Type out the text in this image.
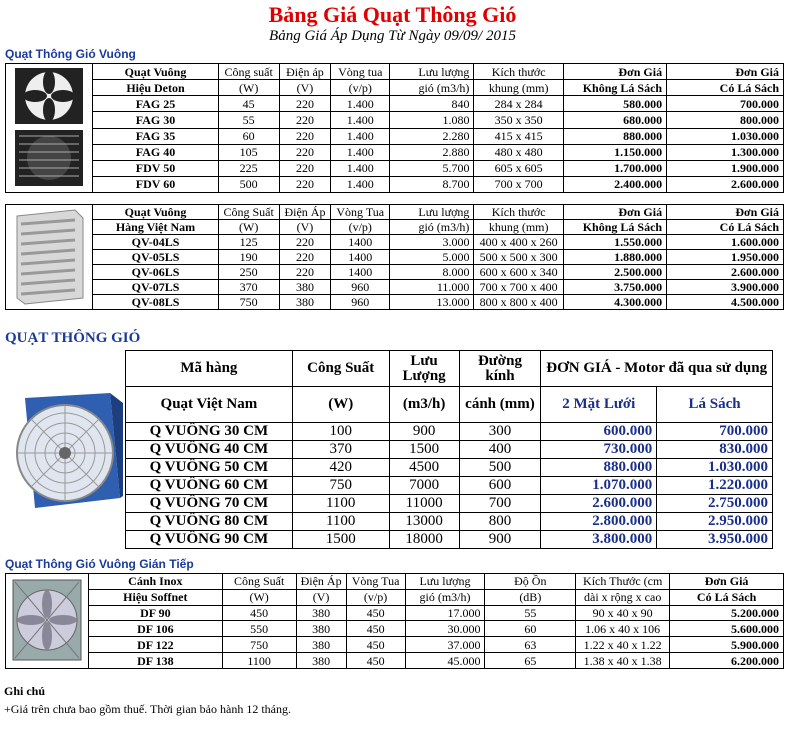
Bảng Giá Quạt Thông Gió
Bảng Giá Áp Dụng Từ Ngày 09/09/ 2015
Quạt Thông Gió Vuông
	Quạt Vuông	Công suất	Điện áp	Vòng tua	Lưu lượng	Kích thước	Đơn Giá	Đơn Giá
	Hiệu Deton	(W)	(V)	(v/p)	gió (m3/h)	khung (mm)	Không Lá Sách	Có Lá Sách
	FAG 25	45	220	1.400	840	284 x 284	580.000	700.000
	FAG 30	55	220	1.400	1.080	350 x 350	680.000	800.000
	FAG 35	60	220	1.400	2.280	415 x 415	880.000	1.030.000
	FAG 40	105	220	1.400	2.880	480 x 480	1.150.000	1.300.000
	FDV 50	225	220	1.400	5.700	605 x 605	1.700.000	1.900.000
	FDV 60	500	220	1.400	8.700	700 x 700	2.400.000	2.600.000
	Quạt Vuông	Công Suất	Điện Áp	Vòng Tua	Lưu lượng	Kích thước	Đơn Giá	Đơn Giá
	Hàng Việt Nam	(W)	(V)	(v/p)	gió (m3/h)	khung (mm)	Không Lá Sách	Có Lá Sách
	QV-04LS	125	220	1400	3.000	400 x 400 x 260	1.550.000	1.600.000
	QV-05LS	190	220	1400	5.000	500 x 500 x 300	1.880.000	1.950.000
	QV-06LS	250	220	1400	8.000	600 x 600 x 340	2.500.000	2.600.000
	QV-07LS	370	380	960	11.000	700 x 700 x 400	3.750.000	3.900.000
	QV-08LS	750	380	960	13.000	800 x 800 x 400	4.300.000	4.500.000
QUẠT THÔNG GIÓ
Mã hàng	Công Suất	Lưu Lượng	Đường kính	ĐƠN GIÁ - Motor đã qua sử dụng	
Quạt Việt Nam	(W)	(m3/h)	cánh (mm)	2 Mặt Lưới	Lá Sách
Q VUÔNG 30 CM	100	900	300	600.000	700.000
Q VUÔNG 40 CM	370	1500	400	730.000	830.000
Q VUÔNG 50 CM	420	4500	500	880.000	1.030.000
Q VUÔNG 60 CM	750	7000	600	1.070.000	1.220.000
Q VUÔNG 70 CM	1100	11000	700	2.600.000	2.750.000
Q VUÔNG 80 CM	1100	13000	800	2.800.000	2.950.000
Q VUÔNG 90 CM	1500	18000	900	3.800.000	3.950.000
Quạt Thông Gió Vuông Gián Tiếp
	Cánh Inox	Công Suất	Điện Áp	Vòng Tua	Lưu lượng	Độ Ồn	Kích Thước (cm	Đơn Giá
	Hiệu Soffnet	(W)	(V)	(v/p)	gió (m3/h)	(dB)	dài x rộng x cao	Có Lá Sách
	DF 90	450	380	450	17.000	55	90 x 40 x 90	5.200.000
	DF 106	550	380	450	30.000	60	1.06 x 40 x 106	5.600.000
	DF 122	750	380	450	37.000	63	1.22 x 40 x 1.22	5.900.000
	DF 138	1100	380	450	45.000	65	1.38 x 40 x 1.38	6.200.000
Ghi chú
+Giá trên chưa bao gồm thuế. Thời gian bảo hành 12 tháng.
